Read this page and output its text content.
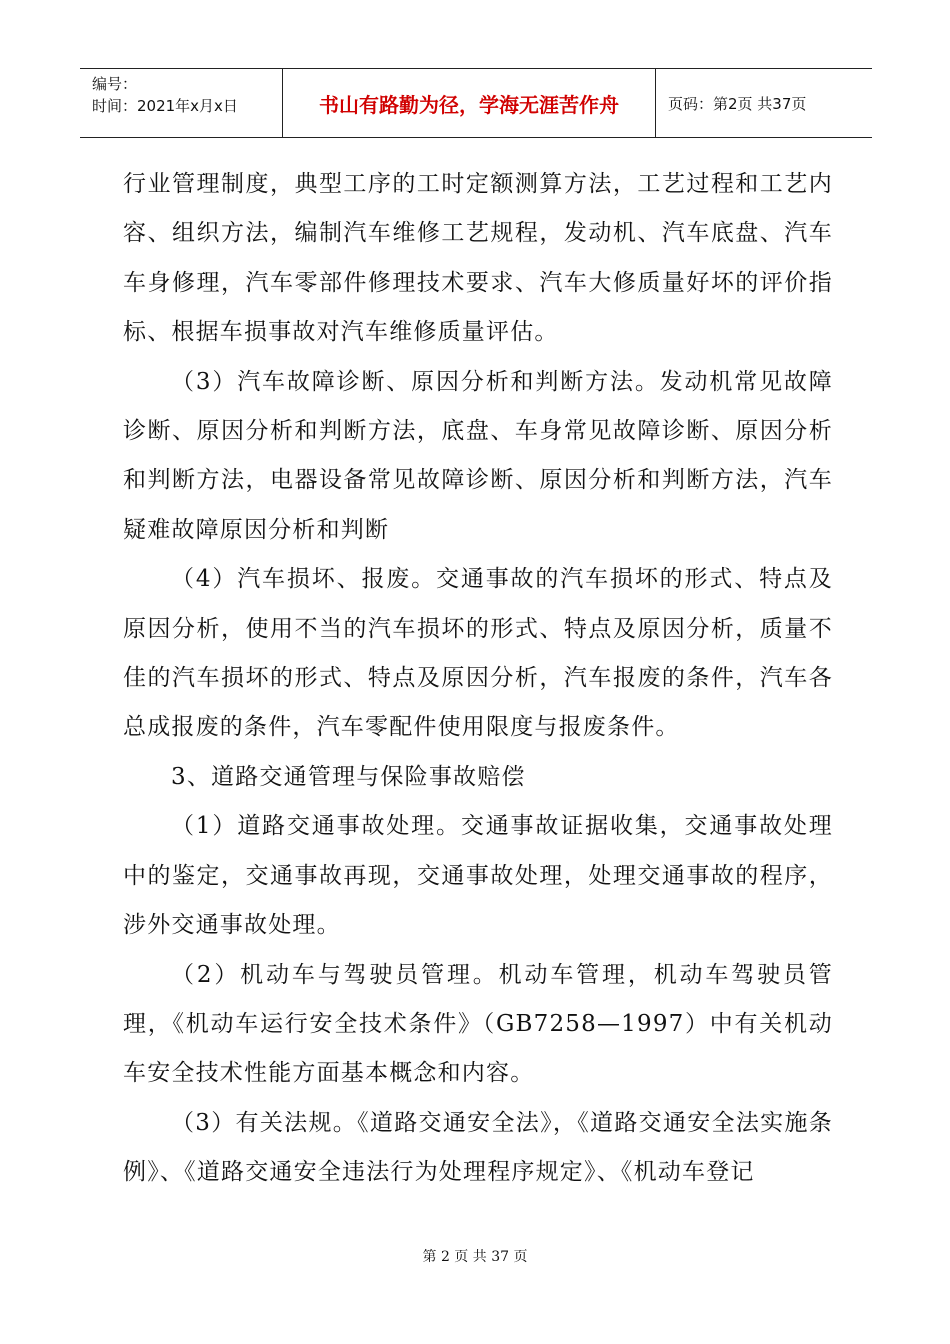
编号：
时间：2021年x月x日	书山有路勤为径，学海无涯苦作舟	页码：第2页 共37页

行业管理制度，典型工序的工时定额测算方法，工艺过程和工艺内容、组织方法，编制汽车维修工艺规程，发动机、汽车底盘、汽车车身修理，汽车零部件修理技术要求、汽车大修质量好坏的评价指标、根据车损事故对汽车维修质量评估。

（3）汽车故障诊断、原因分析和判断方法。发动机常见故障诊断、原因分析和判断方法，底盘、车身常见故障诊断、原因分析和判断方法，电器设备常见故障诊断、原因分析和判断方法，汽车疑难故障原因分析和判断

（4）汽车损坏、报废。交通事故的汽车损坏的形式、特点及原因分析，使用不当的汽车损坏的形式、特点及原因分析，质量不佳的汽车损坏的形式、特点及原因分析，汽车报废的条件，汽车各总成报废的条件，汽车零配件使用限度与报废条件。

3、道路交通管理与保险事故赔偿

（1）道路交通事故处理。交通事故证据收集，交通事故处理中的鉴定，交通事故再现，交通事故处理，处理交通事故的程序，涉外交通事故处理。

（2）机动车与驾驶员管理。机动车管理，机动车驾驶员管理，《机动车运行安全技术条件》（GB7258—1997）中有关机动车安全技术性能方面基本概念和内容。

（3）有关法规。《道路交通安全法》，《道路交通安全法实施条例》、《道路交通安全违法行为处理程序规定》、《机动车登记

第 2 页 共 37 页
